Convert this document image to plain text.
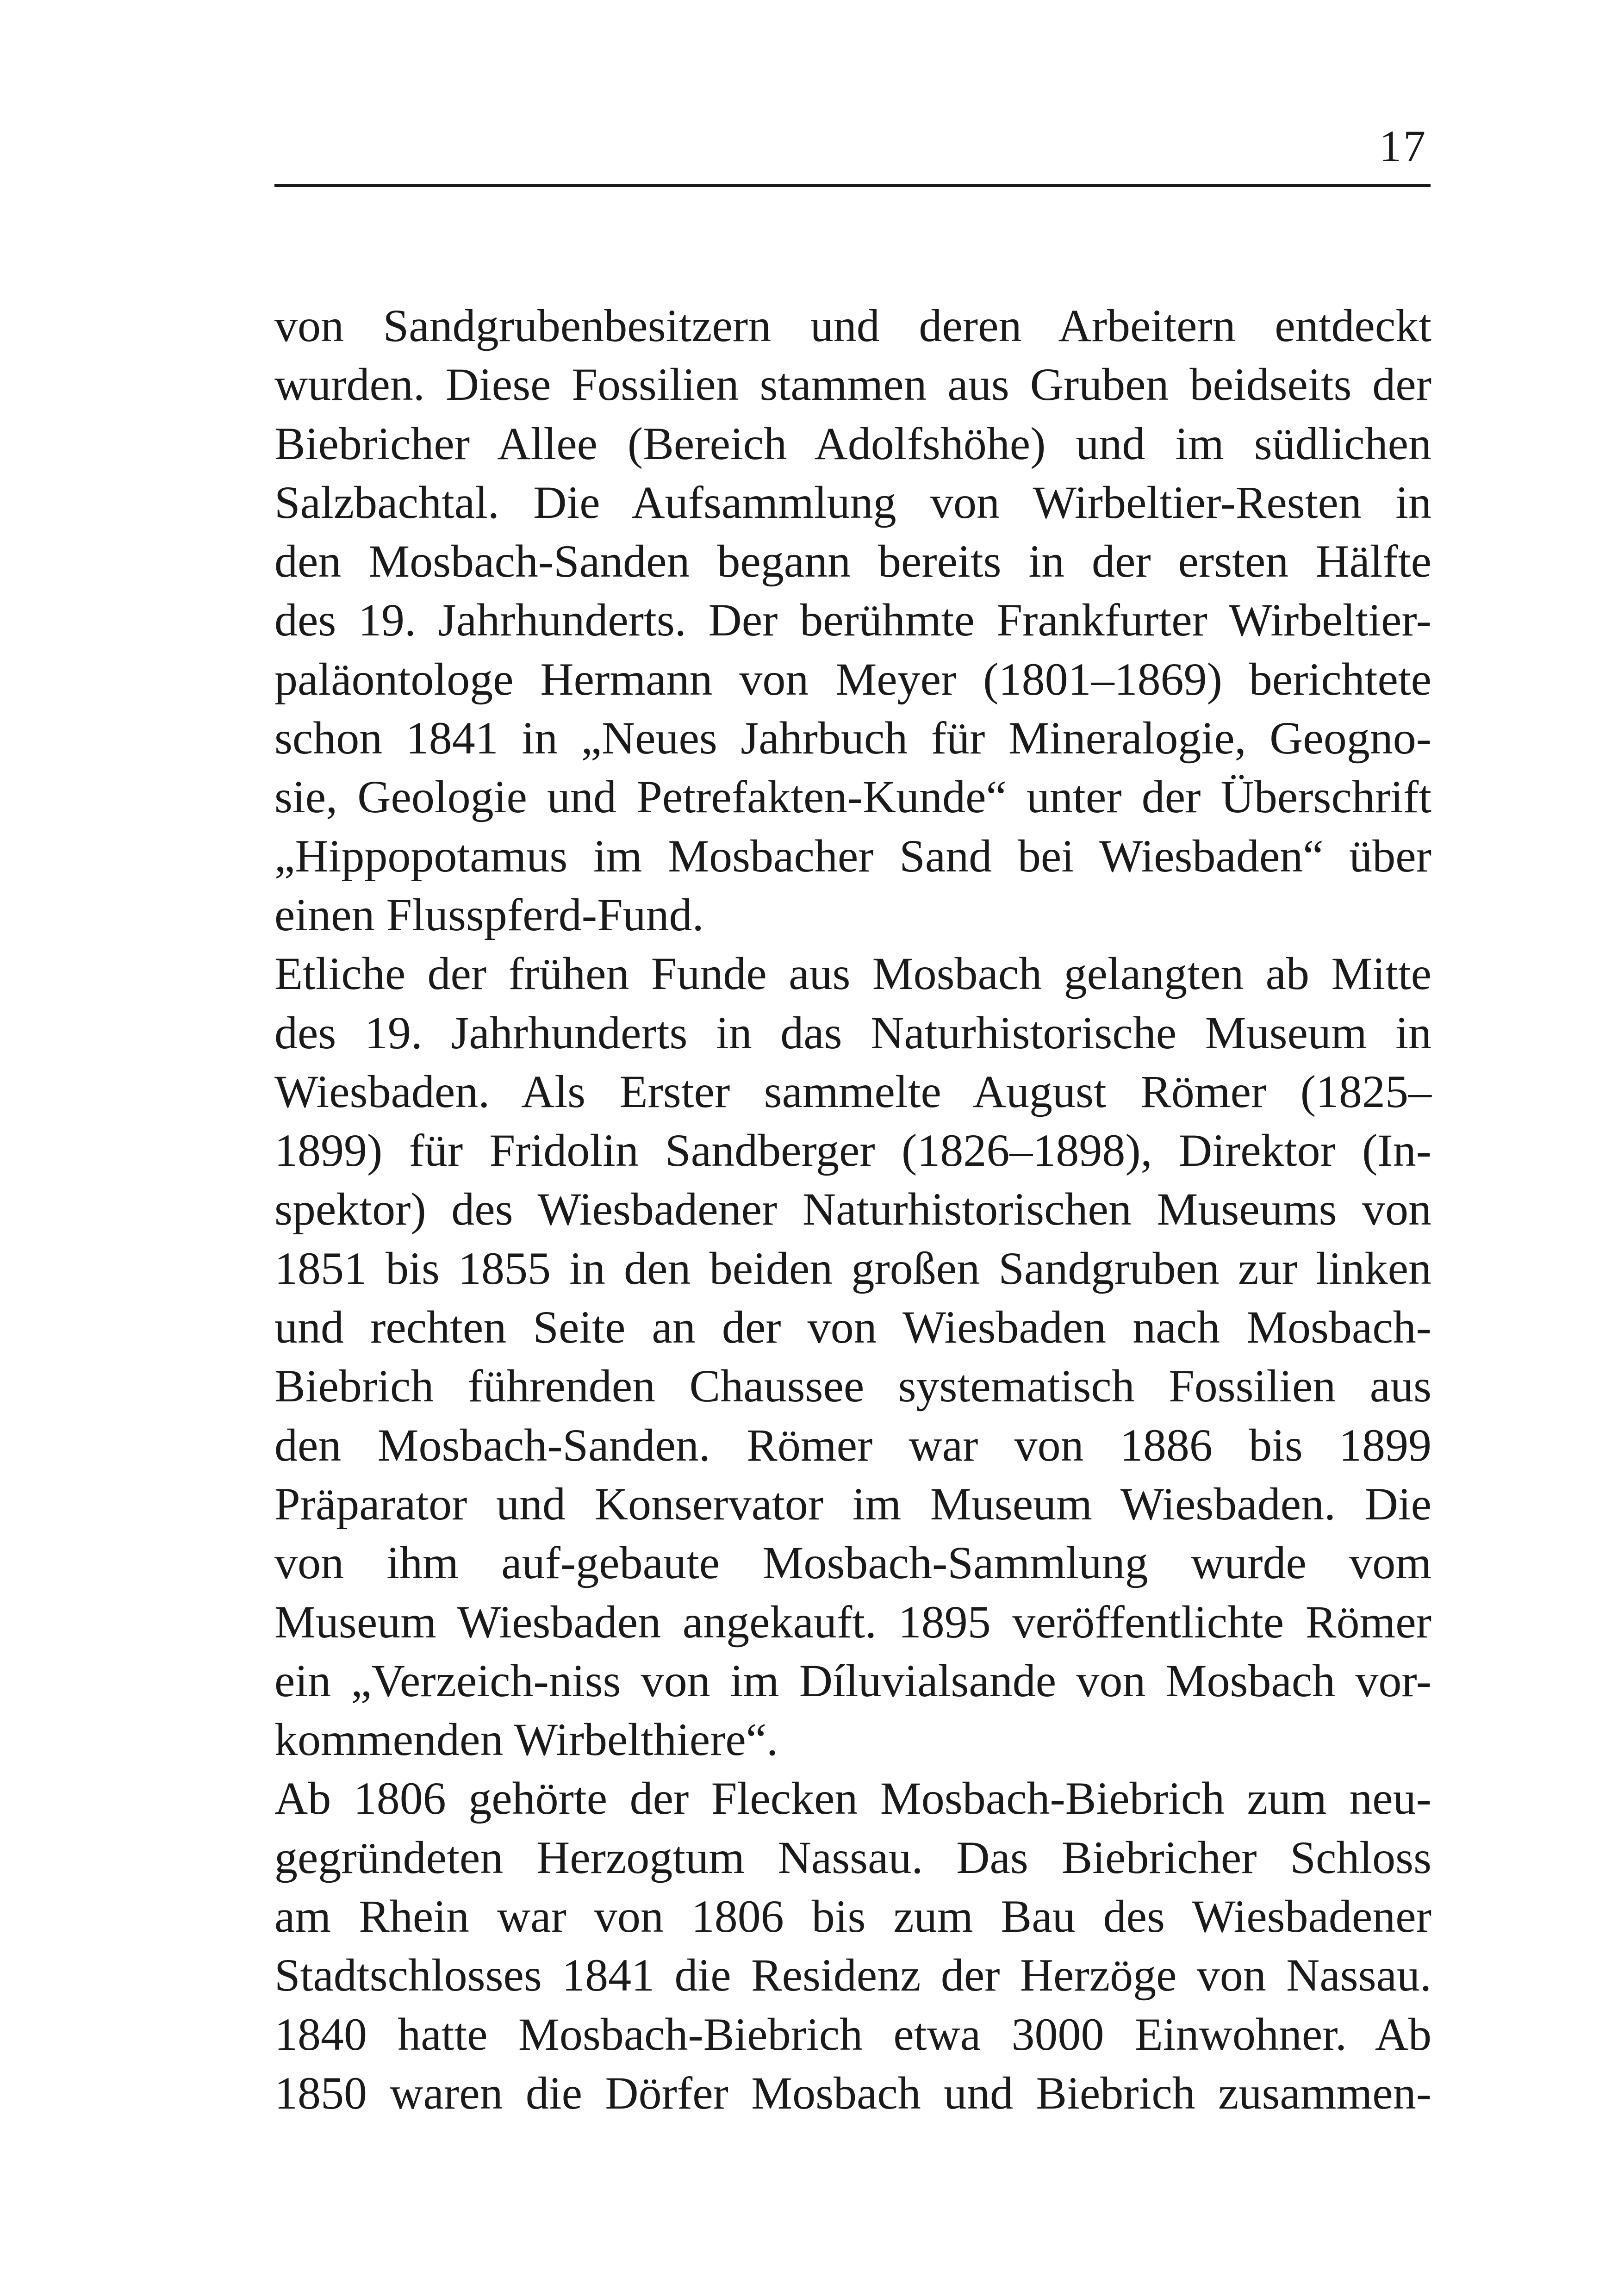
17
von Sandgrubenbesitzern und deren Arbeitern entdeckt
wurden. Diese Fossilien stammen aus Gruben beidseits der
Biebricher Allee (Bereich Adolfshöhe) und im südlichen
Salzbachtal. Die Aufsammlung von Wirbeltier-Resten in
den Mosbach-Sanden begann bereits in der ersten Hälfte
des 19. Jahrhunderts. Der berühmte Frankfurter Wirbeltier-
paläontologe Hermann von Meyer (1801–1869) berichtete
schon 1841 in „Neues Jahrbuch für Mineralogie, Geogno-
sie, Geologie und Petrefakten-Kunde“ unter der Überschrift
„Hippopotamus im Mosbacher Sand bei Wiesbaden“ über
einen Flusspferd-Fund.
Etliche der frühen Funde aus Mosbach gelangten ab Mitte
des 19. Jahrhunderts in das Naturhistorische Museum in
Wiesbaden. Als Erster sammelte August Römer (1825–
1899) für Fridolin Sandberger (1826–1898), Direktor (In-
spektor) des Wiesbadener Naturhistorischen Museums von
1851 bis 1855 in den beiden großen Sandgruben zur linken
und rechten Seite an der von Wiesbaden nach Mosbach-
Biebrich führenden Chaussee systematisch Fossilien aus
den Mosbach-Sanden. Römer war von 1886 bis 1899
Präparator und Konservator im Museum Wiesbaden. Die
von ihm auf-gebaute Mosbach-Sammlung wurde vom
Museum Wiesbaden angekauft. 1895 veröffentlichte Römer
ein „Verzeich-niss von im Díluvialsande von Mosbach vor-
kommenden Wirbelthiere“.
Ab 1806 gehörte der Flecken Mosbach-Biebrich zum neu-
gegründeten Herzogtum Nassau. Das Biebricher Schloss
am Rhein war von 1806 bis zum Bau des Wiesbadener
Stadtschlosses 1841 die Residenz der Herzöge von Nassau.
1840 hatte Mosbach-Biebrich etwa 3000 Einwohner. Ab
1850 waren die Dörfer Mosbach und Biebrich zusammen-
